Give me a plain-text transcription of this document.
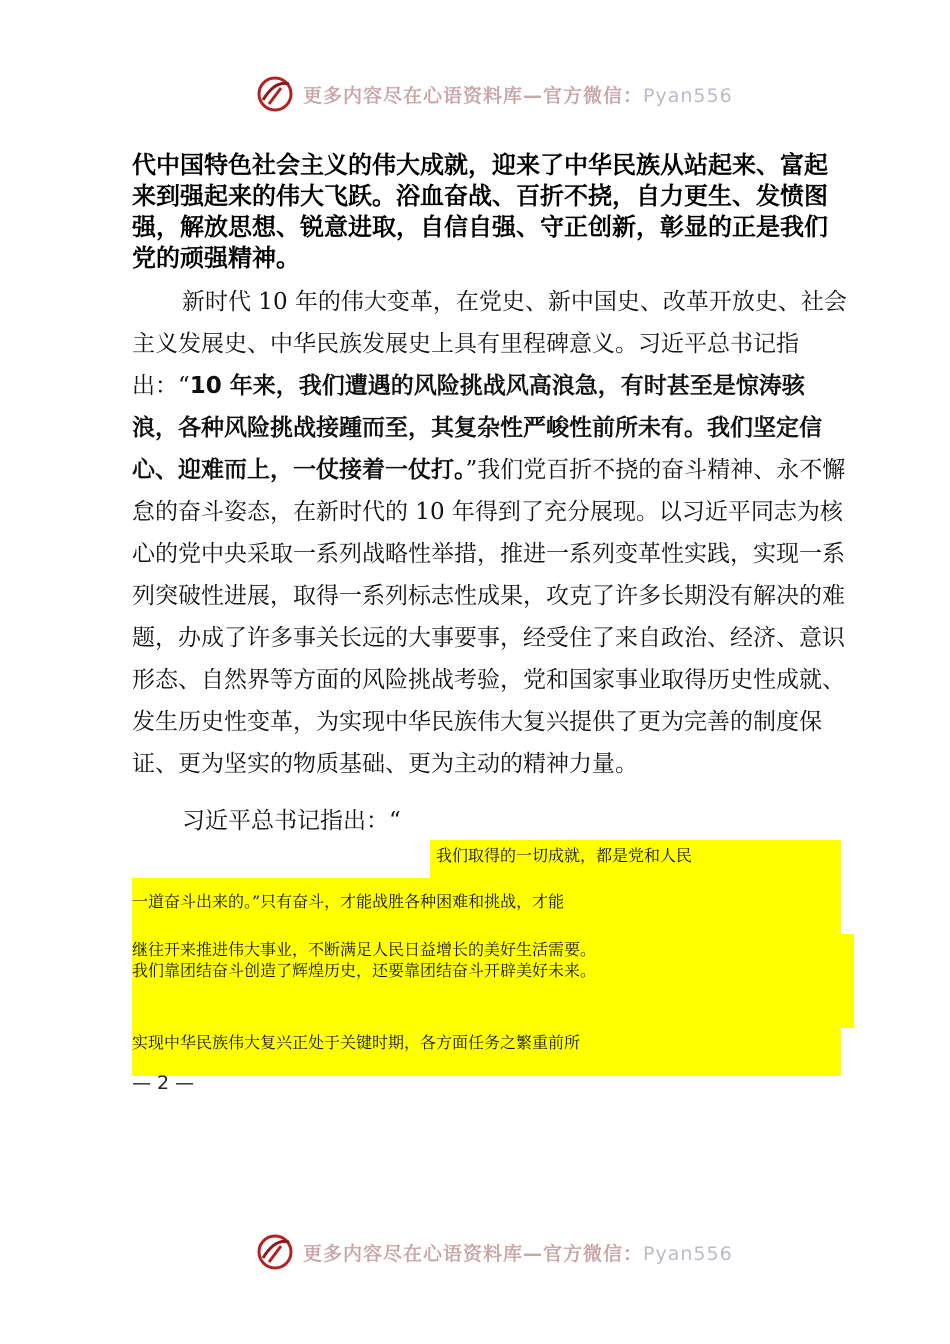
更多内容尽在心语资料库—官方微信：Pyan556
代中国特色社会主义的伟大成就，迎来了中华民族从站起来、富起来到强起来的伟大飞跃。浴血奋战、百折不挠，自力更生、发愤图强，解放思想、锐意进取，自信自强、守正创新，彰显的正是我们党的顽强精神。
新时代 10 年的伟大变革，在党史、新中国史、改革开放史、社会主义发展史、中华民族发展史上具有里程碑意义。习近平总书记指出：“10 年来，我们遭遇的风险挑战风高浪急，有时甚至是惊涛骇浪，各种风险挑战接踵而至，其复杂性严峻性前所未有。我们坚定信心、迎难而上，一仗接着一仗打。”我们党百折不挠的奋斗精神、永不懈怠的奋斗姿态，在新时代的 10 年得到了充分展现。以习近平同志为核心的党中央采取一系列战略性举措，推进一系列变革性实践，实现一系列突破性进展，取得一系列标志性成果，攻克了许多长期没有解决的难题，办成了许多事关长远的大事要事，经受住了来自政治、经济、意识形态、自然界等方面的风险挑战考验，党和国家事业取得历史性成就、发生历史性变革，为实现中华民族伟大复兴提供了更为完善的制度保证、更为坚实的物质基础、更为主动的精神力量。
习近平总书记指出：“
我们取得的一切成就，都是党和人民
一道奋斗出来的。”只有奋斗，才能战胜各种困难和挑战，才能
继往开来推进伟大事业，不断满足人民日益增长的美好生活需要。
我们靠团结奋斗创造了辉煌历史，还要靠团结奋斗开辟美好未来。
实现中华民族伟大复兴正处于关键时期，各方面任务之繁重前所
— 2 —
更多内容尽在心语资料库—官方微信：Pyan556
